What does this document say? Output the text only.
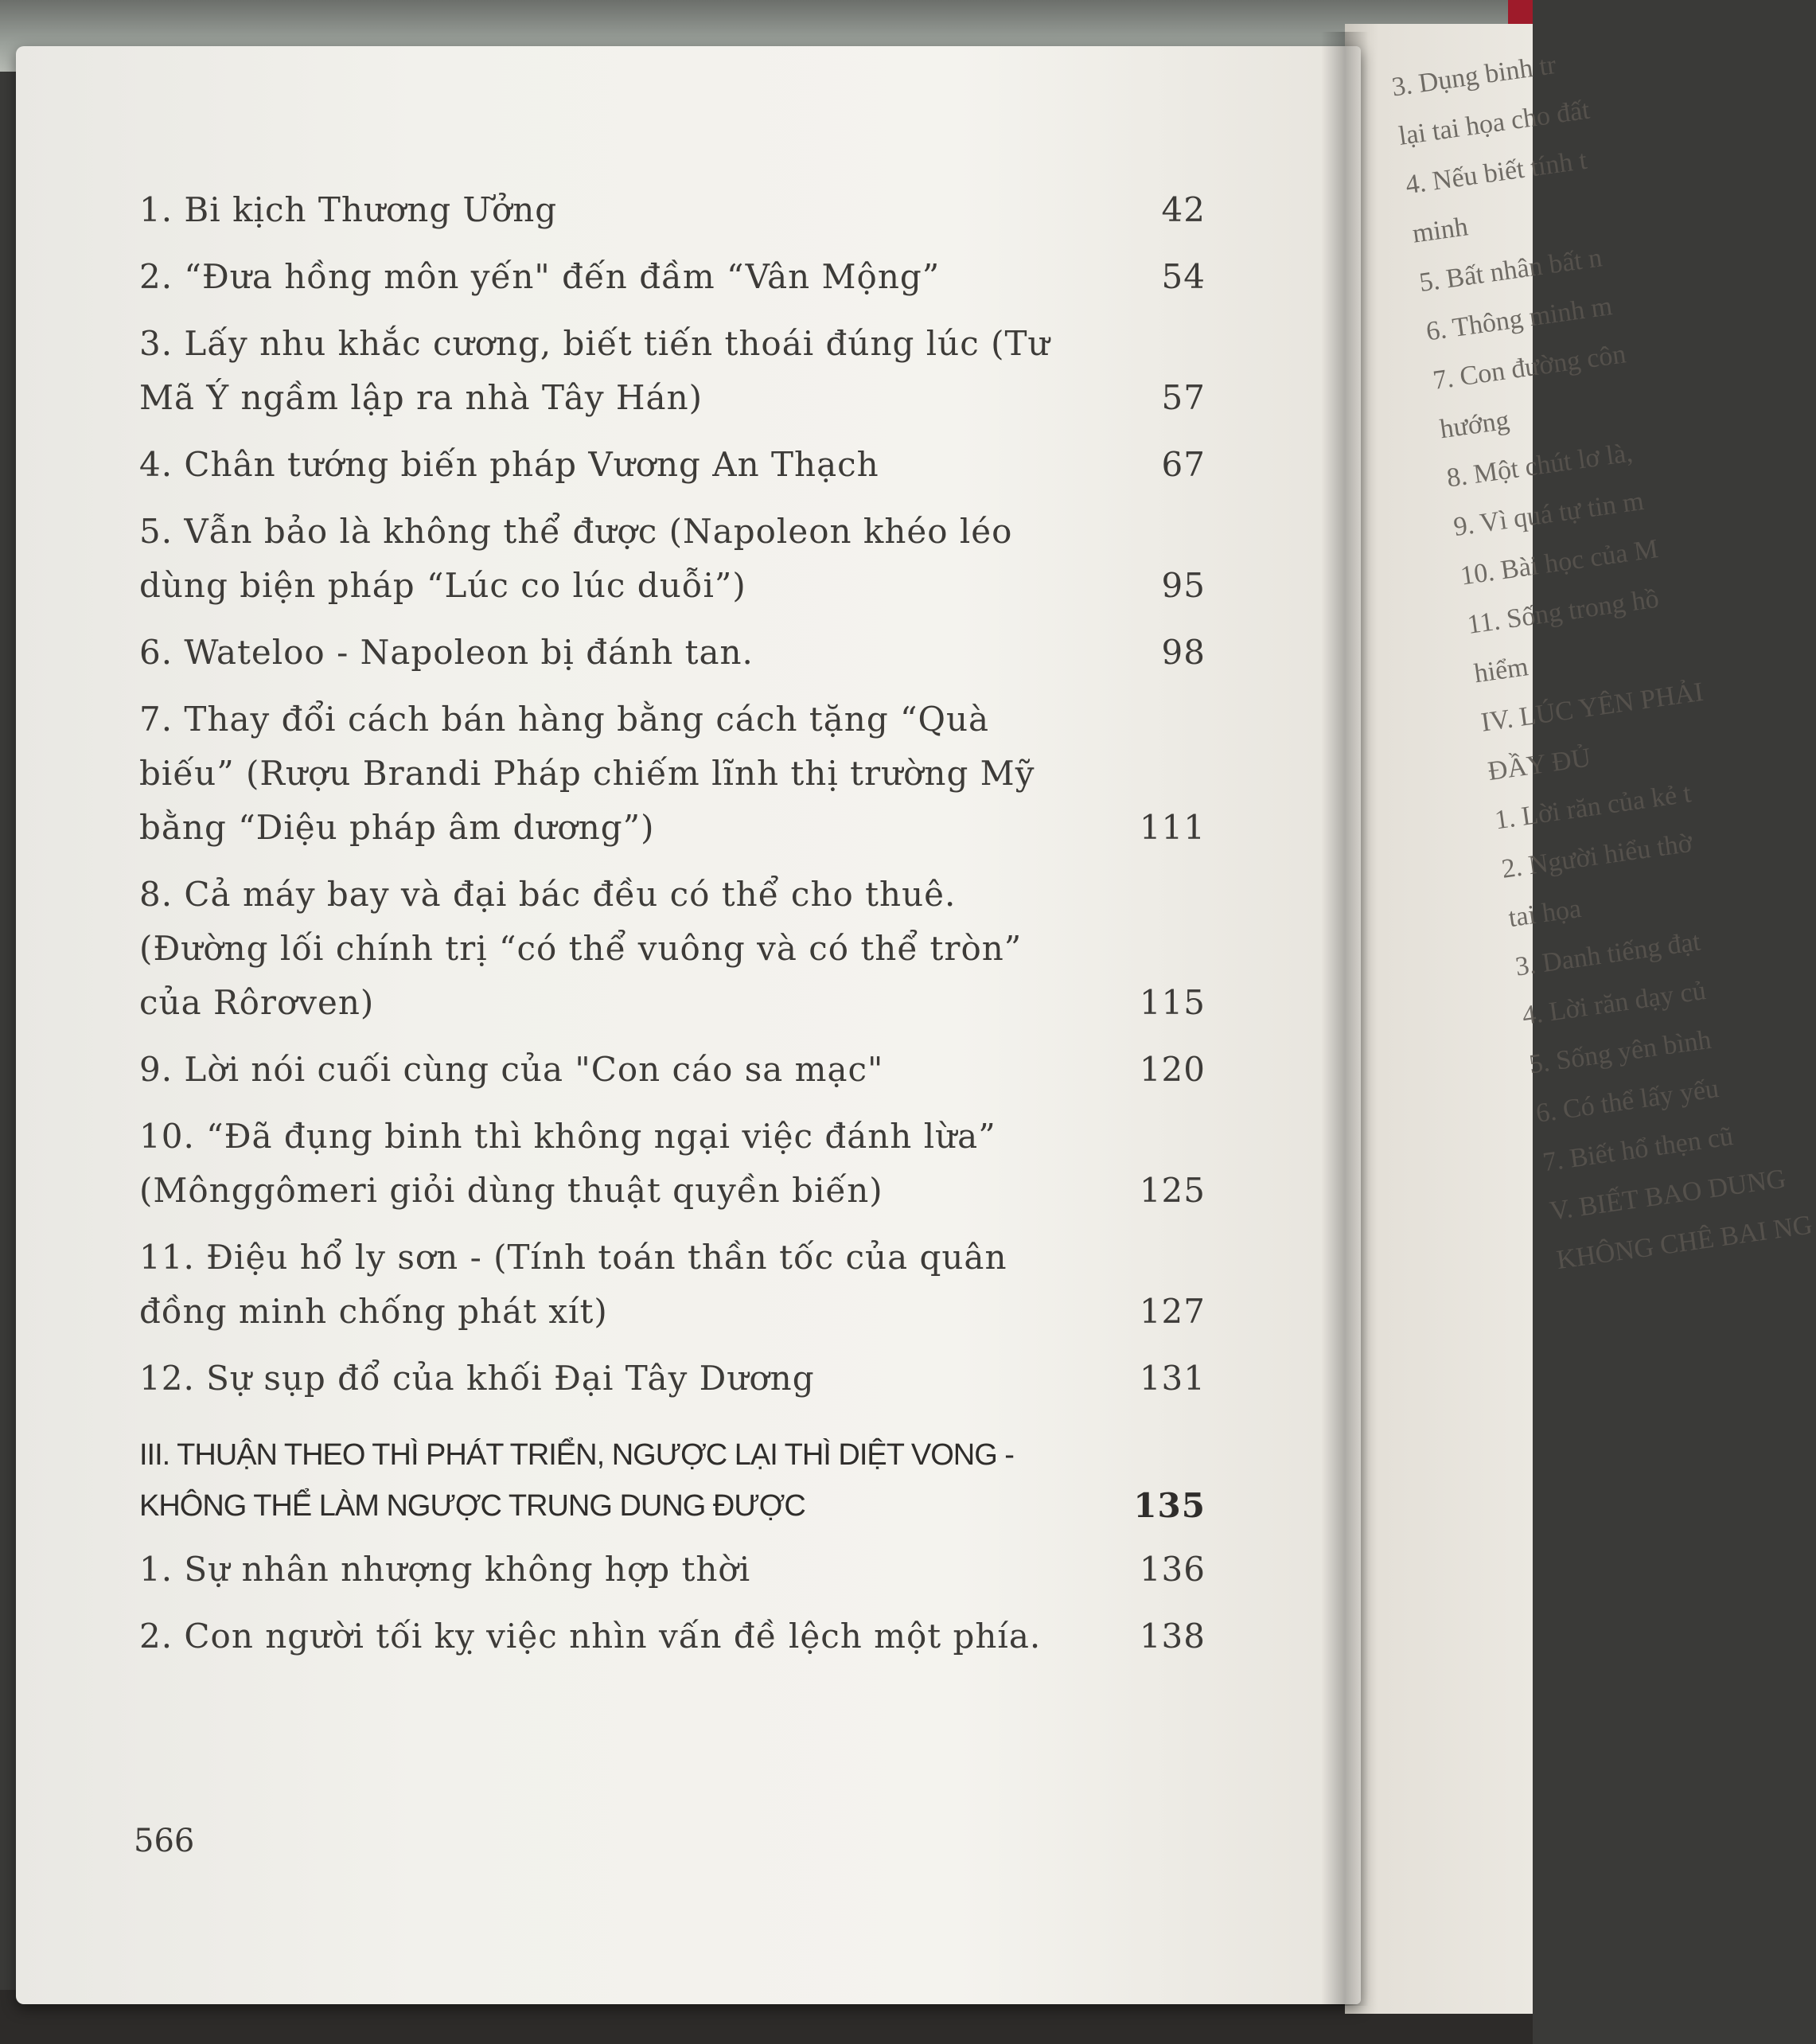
3. Dụng binh tr
lại tai họa cho đất
4. Nếu biết tính t
minh
5. Bất nhân bất n
6. Thông minh m
7. Con đường côn
hướng
8. Một chút lơ là,
9. Vì quá tự tin m
10. Bài học của M
11. Sống trong hồ
hiểm
IV. LÚC YÊN PHẢI
ĐẦY ĐỦ
1. Lời răn của kẻ t
2. Người hiểu thờ
tai họa
3. Danh tiếng đạt
4. Lời răn dạy củ
5. Sống yên bình
6. Có thể lấy yếu
7. Biết hổ thẹn cũ
V. BIẾT BAO DUNG
KHÔNG CHÊ BAI NG
1. Bi kịch Thương Ưởng	42
2. “Đưa hồng môn yến" đến đầm “Vân Mộng”	54
3. Lấy nhu khắc cương, biết tiến thoái đúng lúc (Tư Mã Ý ngầm lập ra nhà Tây Hán)	57
4. Chân tướng biến pháp Vương An Thạch	67
5. Vẫn bảo là không thể được (Napoleon khéo léo dùng biện pháp “Lúc co lúc duỗi”)	95
6. Wateloo - Napoleon bị đánh tan.	98
7. Thay đổi cách bán hàng bằng cách tặng “Quà biếu” (Rượu Brandi Pháp chiếm lĩnh thị trường Mỹ bằng “Diệu pháp âm dương”)	111
8. Cả máy bay và đại bác đều có thể cho thuê. (Đường lối chính trị “có thể vuông và có thể tròn” của Rôrơven)	115
9. Lời nói cuối cùng của "Con cáo sa mạc"	120
10. “Đã đụng binh thì không ngại việc đánh lừa” (Mônggômeri giỏi dùng thuật quyền biến)	125
11. Điệu hổ ly sơn - (Tính toán thần tốc của quân đồng minh chống phát xít)	127
12. Sự sụp đổ của khối Đại Tây Dương	131
III. THUẬN THEO THÌ PHÁT TRIỂN, NGƯỢC LẠI THÌ DIỆT VONG - KHÔNG THỂ LÀM NGƯỢC TRUNG DUNG ĐƯỢC	135
1. Sự nhân nhượng không hợp thời	136
2. Con người tối kỵ việc nhìn vấn đề lệch một phía.	138
566
